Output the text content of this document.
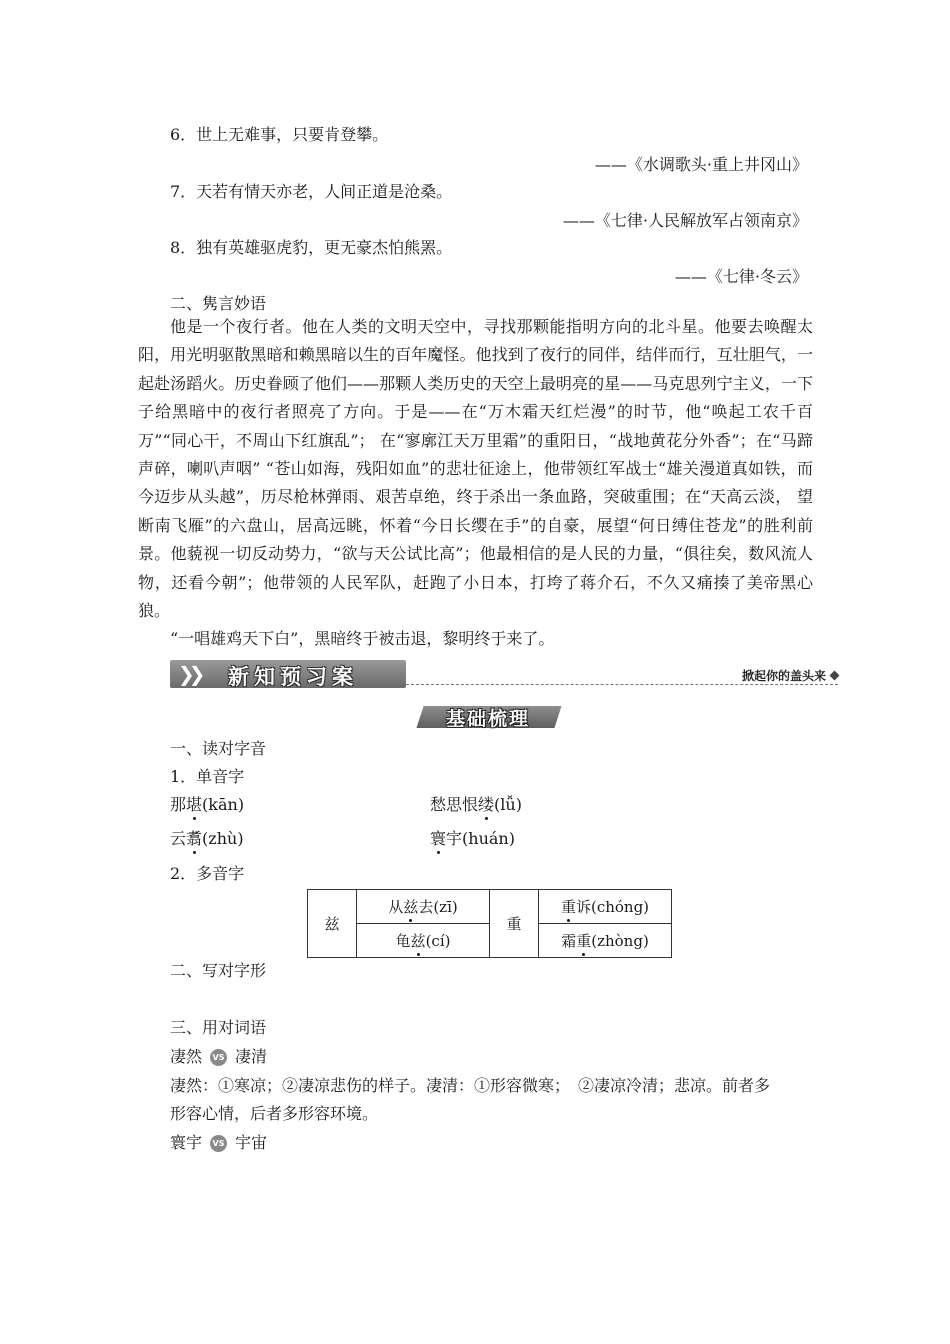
6．世上无难事，只要肯登攀。
——《水调歌头·重上井冈山》
7．天若有情天亦老，人间正道是沧桑。
——《七律·人民解放军占领南京》
8．独有英雄驱虎豹，更无豪杰怕熊罴。
——《七律·冬云》
二、隽言妙语
他是一个夜行者。他在人类的文明天空中，寻找那颗能指明方向的北斗星。他要去唤醒太阳，用光明驱散黑暗和赖黑暗以生的百年魔怪。他找到了夜行的同伴，结伴而行，互壮胆气，一起赴汤蹈火。历史眷顾了他们——那颗人类历史的天空上最明亮的星——马克思列宁主义，一下子给黑暗中的夜行者照亮了方向。于是——在“万木霜天红烂漫”的时节，他“唤起工农千百万”“同心干，不周山下红旗乱”； 在“寥廓江天万里霜”的重阳日，“战地黄花分外香”；在“马蹄声碎，喇叭声咽” “苍山如海，残阳如血”的悲壮征途上，他带领红军战士“雄关漫道真如铁，而今迈步从头越”，历尽枪林弹雨、艰苦卓绝，终于杀出一条血路，突破重围；在“天高云淡， 望断南飞雁”的六盘山，居高远眺，怀着“今日长缨在手”的自豪，展望“何日缚住苍龙”的胜利前景。他藐视一切反动势力，“欲与天公试比高”；他最相信的是人民的力量，“俱往矣，数风流人物，还看今朝”；他带领的人民军队，赶跑了小日本，打垮了蒋介石，不久又痛揍了美帝黑心狼。
“一唱雄鸡天下白”，黑暗终于被击退，黎明终于来了。
❯❯ 新知预习案	掀起你的盖头来
基础梳理
一、读对字音
1．单音字
那堪(kān)	愁思恨缕(lǚ)
云翥(zhù)	寰宇(huán)
2．多音字
兹	从兹去(zī)	重	重诉(chóng)
	龟兹(cí)		霜重(zhòng)
二、写对字形
三、用对词语
凄然 VS 凄清
凄然：①寒凉；②凄凉悲伤的样子。凄清：①形容微寒；　②凄凉冷清；悲凉。前者多
形容心情，后者多形容环境。
寰宇 VS 宇宙
